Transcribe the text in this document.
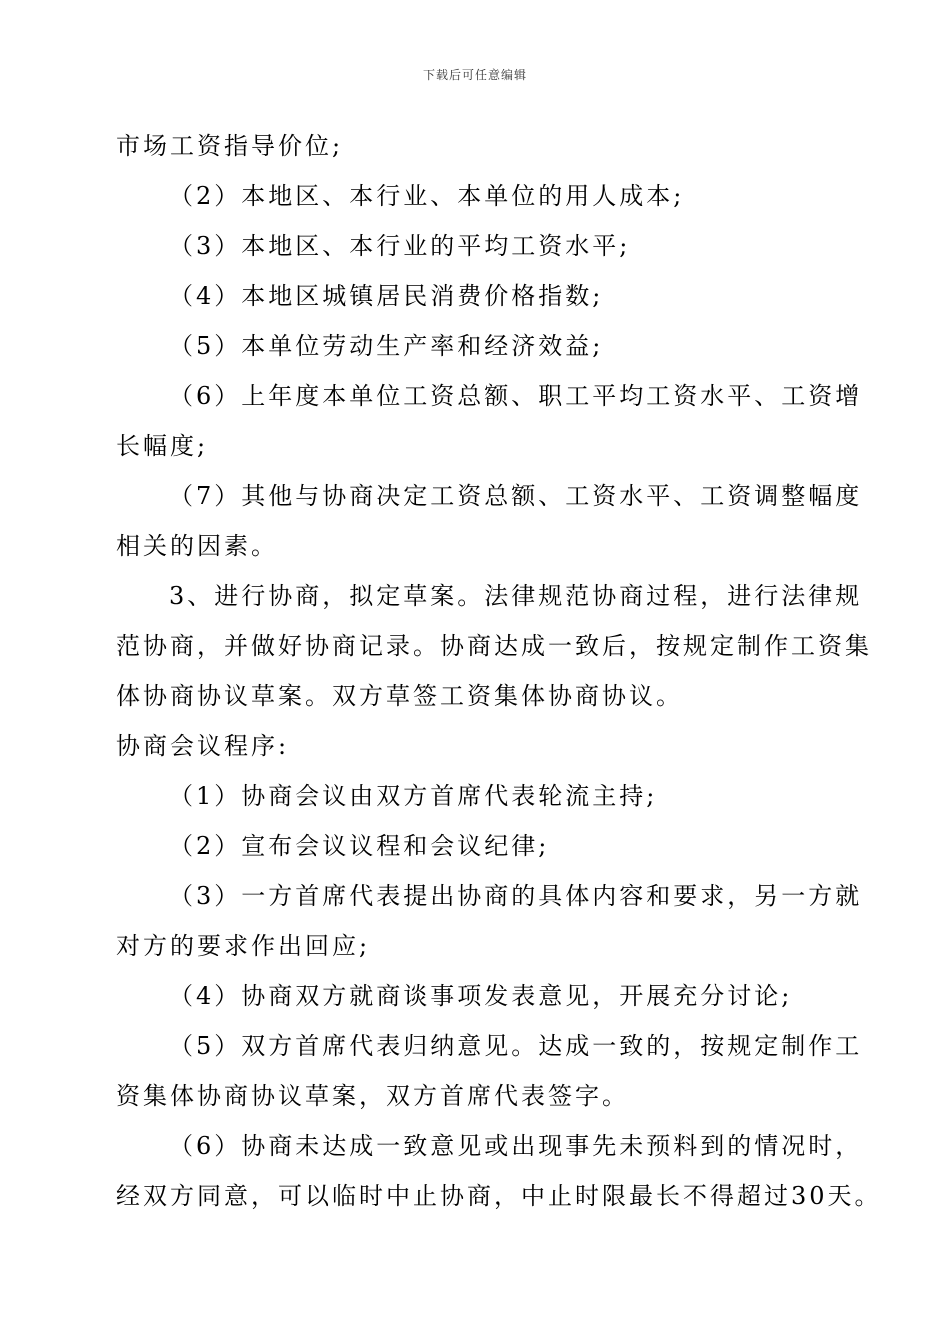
下载后可任意编辑
市场工资指导价位;
（2）本地区、本行业、本单位的用人成本;
（3）本地区、本行业的平均工资水平;
（4）本地区城镇居民消费价格指数;
（5）本单位劳动生产率和经济效益;
（6）上年度本单位工资总额、职工平均工资水平、工资增
长幅度;
（7）其他与协商决定工资总额、工资水平、工资调整幅度
相关的因素。
3、进行协商，拟定草案。法律规范协商过程，进行法律规
范协商，并做好协商记录。协商达成一致后，按规定制作工资集
体协商协议草案。双方草签工资集体协商协议。
协商会议程序:
（1）协商会议由双方首席代表轮流主持;
（2）宣布会议议程和会议纪律;
（3）一方首席代表提出协商的具体内容和要求，另一方就
对方的要求作出回应;
（4）协商双方就商谈事项发表意见，开展充分讨论;
（5）双方首席代表归纳意见。达成一致的，按规定制作工
资集体协商协议草案，双方首席代表签字。
（6）协商未达成一致意见或出现事先未预料到的情况时，
经双方同意，可以临时中止协商，中止时限最长不得超过30天。
